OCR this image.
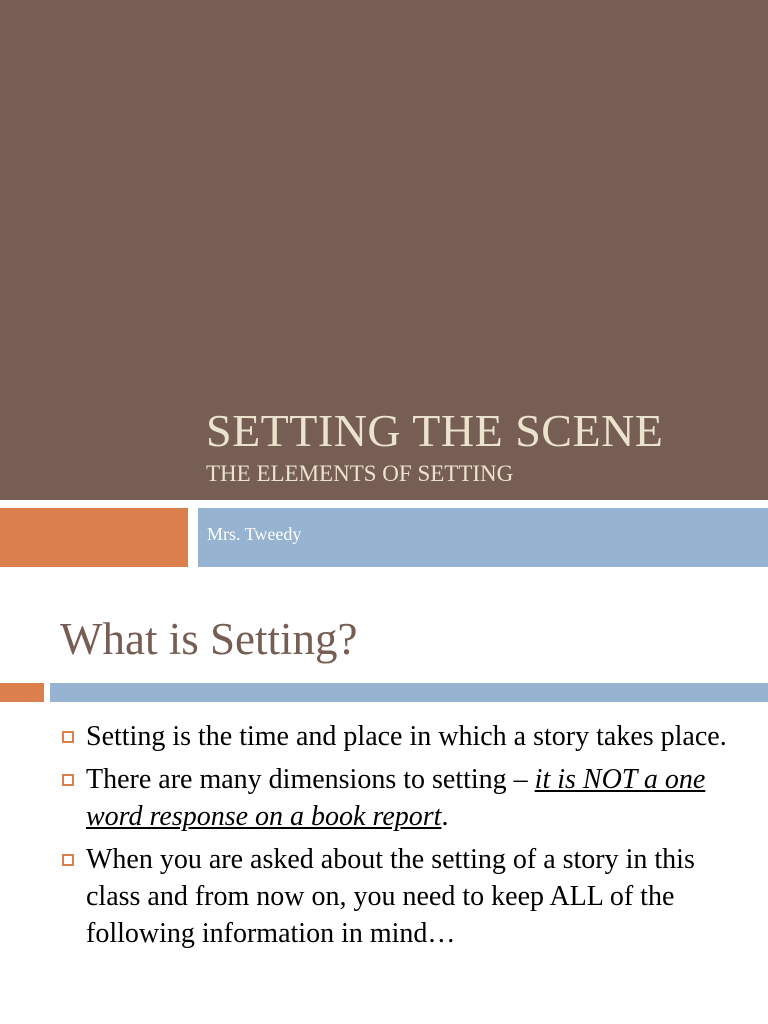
SETTING THE SCENE
THE ELEMENTS OF SETTING
Mrs. Tweedy
What is Setting?
Setting is the time and place in which a story takes place.
There are many dimensions to setting – it is NOT a one word response on a book report.
When you are asked about the setting of a story in this class and from now on, you need to keep ALL of the following information in mind…
